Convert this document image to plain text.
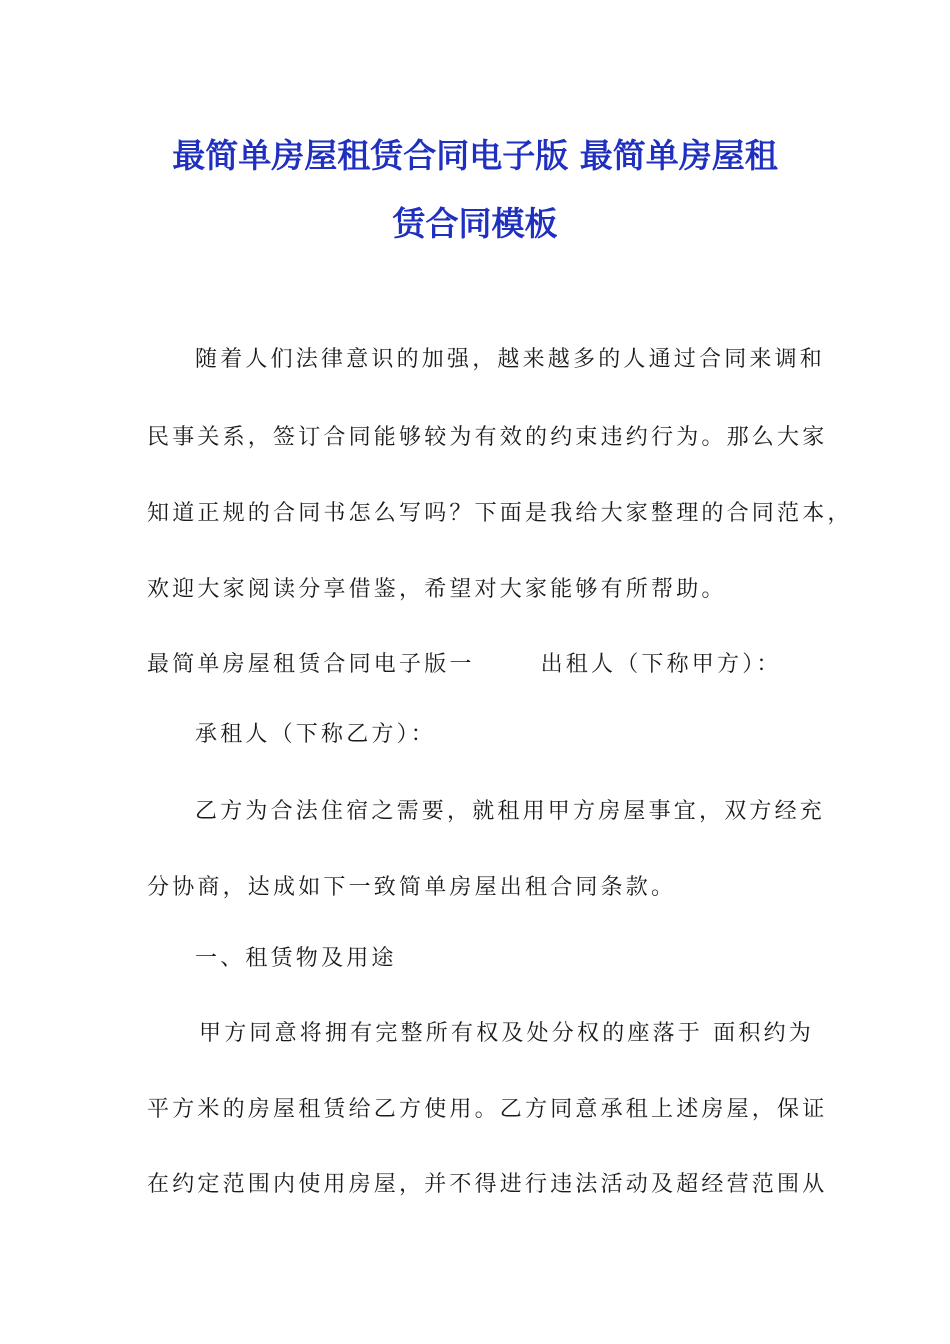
最简单房屋租赁合同电子版 最简单房屋租
赁合同模板
随着人们法律意识的加强，越来越多的人通过合同来调和
民事关系，签订合同能够较为有效的约束违约行为。那么大家
知道正规的合同书怎么写吗？下面是我给大家整理的合同范本，
欢迎大家阅读分享借鉴，希望对大家能够有所帮助。
最简单房屋租赁合同电子版一	出租人（下称甲方）：
承租人（下称乙方）：
乙方为合法住宿之需要，就租用甲方房屋事宜，双方经充
分协商，达成如下一致简单房屋出租合同条款。
一、租赁物及用途
甲方同意将拥有完整所有权及处分权的座落于 面积约为
平方米的房屋租赁给乙方使用。乙方同意承租上述房屋，保证
在约定范围内使用房屋，并不得进行违法活动及超经营范围从
